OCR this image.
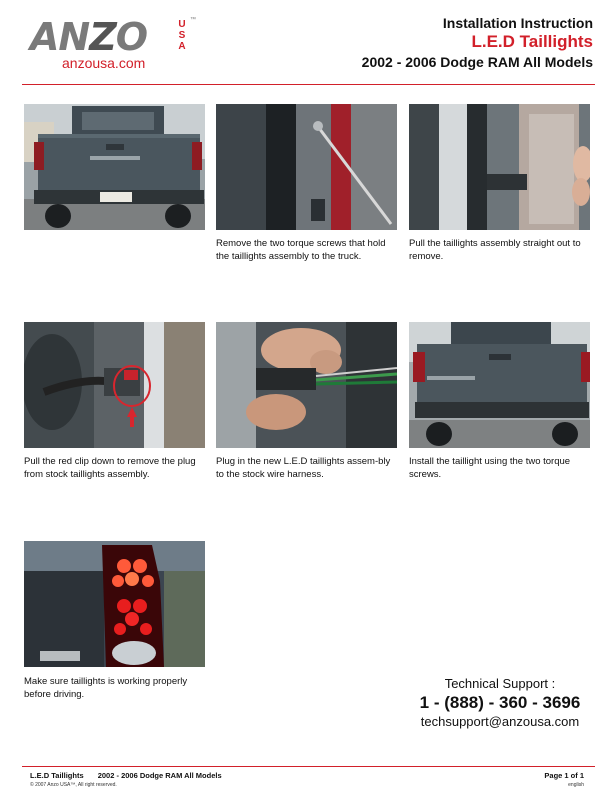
ANZO	U
S
A
™
anzousa.com
Installation Instruction
L.E.D Taillights
2002 - 2006 Dodge RAM All Models
Remove the two torque screws that hold the taillights assembly to the truck.
Pull the taillights assembly straight out to remove.
Pull the red clip down to remove the plug from stock taillights assembly.
Plug in the new L.E.D taillights assem-bly to the stock wire harness.
Install the taillight using the two torque screws.
Make sure taillights is working properly before driving.
Technical Support :
1 - (888) - 360 - 3696
techsupport@anzousa.com
L.E.D Taillights 2002 - 2006 Dodge RAM All Models
© 2007 Anzo USA™, All right reserved.
Page 1 of 1
english
